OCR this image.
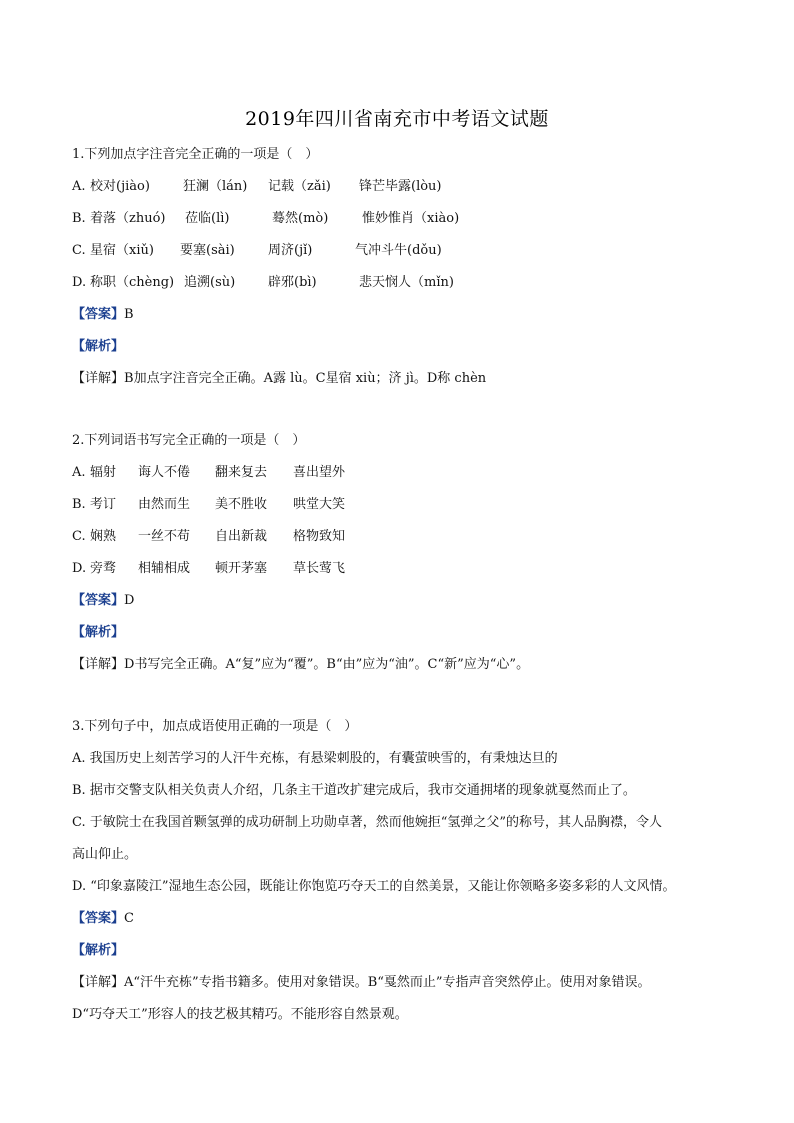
2019年四川省南充市中考语文试题
1.下列加点字注音完全正确的一项是（　）
A. 校对(jiào)	狂澜（lán) 记载（zǎi) 锋芒毕露(lòu)
B. 着落（zhuó) 莅临(lì)	蓦然(mò)	惟妙惟肖（xiào)
C. 星宿（xiǔ) 要塞(sài)	周济(jǐ)	气冲斗牛(dǒu)
D. 称职（chèng) 追溯(sù)	辟邪(bì)	悲天悯人（mǐn)
【答案】B
【解析】
【详解】B加点字注音完全正确。A露 lù。C星宿 xiù；济 jì。D称 chèn
2.下列词语书写完全正确的一项是（　）
A. 辐射 诲人不倦 翻来复去 喜出望外
B. 考订 由然而生 美不胜收 哄堂大笑
C. 娴熟 一丝不苟 自出新裁 格物致知
D. 旁骛 相辅相成 顿开茅塞 草长莺飞
【答案】D
【解析】
【详解】D书写完全正确。A“复”应为“覆”。B“由”应为“油”。C“新”应为“心”。
3.下列句子中，加点成语使用正确的一项是（　）
A. 我国历史上刻苦学习的人汗牛充栋，有悬梁刺股的，有囊萤映雪的，有秉烛达旦的
B. 据市交警支队相关负责人介绍，几条主干道改扩建完成后，我市交通拥堵的现象就戛然而止了。
C. 于敏院士在我国首颗氢弹的成功研制上功勋卓著，然而他婉拒“氢弹之父”的称号，其人品胸襟，令人
高山仰止。
D. “印象嘉陵江”湿地生态公园，既能让你饱览巧夺天工的自然美景，又能让你领略多姿多彩的人文风情。
【答案】C
【解析】
【详解】A“汗牛充栋”专指书籍多。使用对象错误。B“戛然而止”专指声音突然停止。使用对象错误。
D“巧夺天工”形容人的技艺极其精巧。不能形容自然景观。
